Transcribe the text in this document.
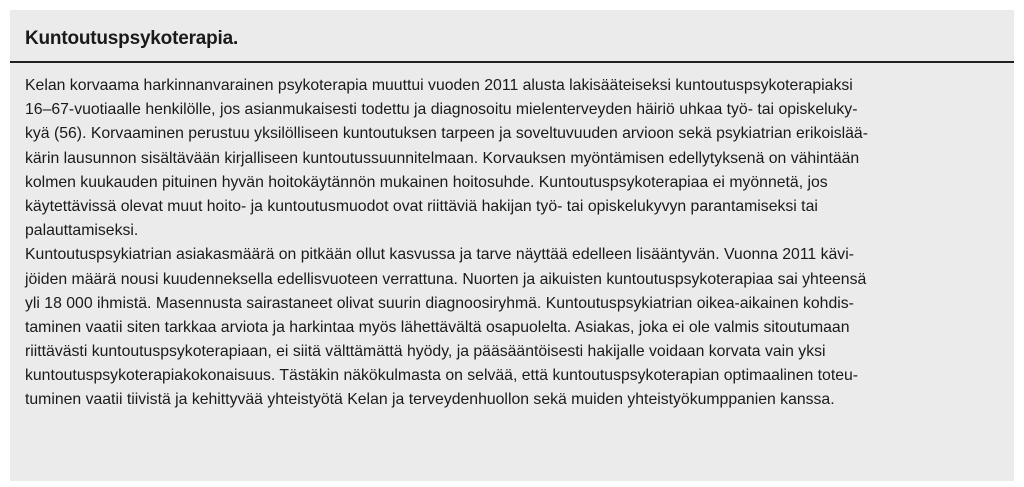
Kuntoutuspsykoterapia.
Kelan korvaama harkinnanvarainen psykoterapia muuttui vuoden 2011 alusta lakisääteiseksi kuntoutuspsykoterapiaksi
16–67-vuotiaalle henkilölle, jos asianmukaisesti todettu ja diagnosoitu mielenterveyden häiriö uhkaa työ- tai opiskeluky-
kyä (56). Korvaaminen perustuu yksilölliseen kuntoutuksen tarpeen ja soveltuvuuden arvioon sekä psykiatrian erikoislää-
kärin lausunnon sisältävään kirjalliseen kuntoutussuunnitelmaan. Korvauksen myöntämisen edellytyksenä on vähintään
kolmen kuukauden pituinen hyvän hoitokäytännön mukainen hoitosuhde. Kuntoutuspsykoterapiaa ei myönnetä, jos
käytettävissä olevat muut hoito- ja kuntoutusmuodot ovat riittäviä hakijan työ- tai opiskelukyvyn parantamiseksi tai
palauttamiseksi.
Kuntoutuspsykiatrian asiakasmäärä on pitkään ollut kasvussa ja tarve näyttää edelleen lisääntyvän. Vuonna 2011 kävi-
jöiden määrä nousi kuudenneksella edellisvuoteen verrattuna. Nuorten ja aikuisten kuntoutuspsykoterapiaa sai yhteensä
yli 18 000 ihmistä. Masennusta sairastaneet olivat suurin diagnoosiryhmä. Kuntoutuspsykiatrian oikea-aikainen kohdis-
taminen vaatii siten tarkkaa arviota ja harkintaa myös lähettävältä osapuolelta. Asiakas, joka ei ole valmis sitoutumaan
riittävästi kuntoutuspsykoterapiaan, ei siitä välttämättä hyödy, ja pääsääntöisesti hakijalle voidaan korvata vain yksi
kuntoutuspsykoterapiakokonaisuus. Tästäkin näkökulmasta on selvää, että kuntoutuspsykoterapian optimaalinen toteu-
tuminen vaatii tiivistä ja kehittyvää yhteistyötä Kelan ja terveydenhuollon sekä muiden yhteistyökumppanien kanssa.
